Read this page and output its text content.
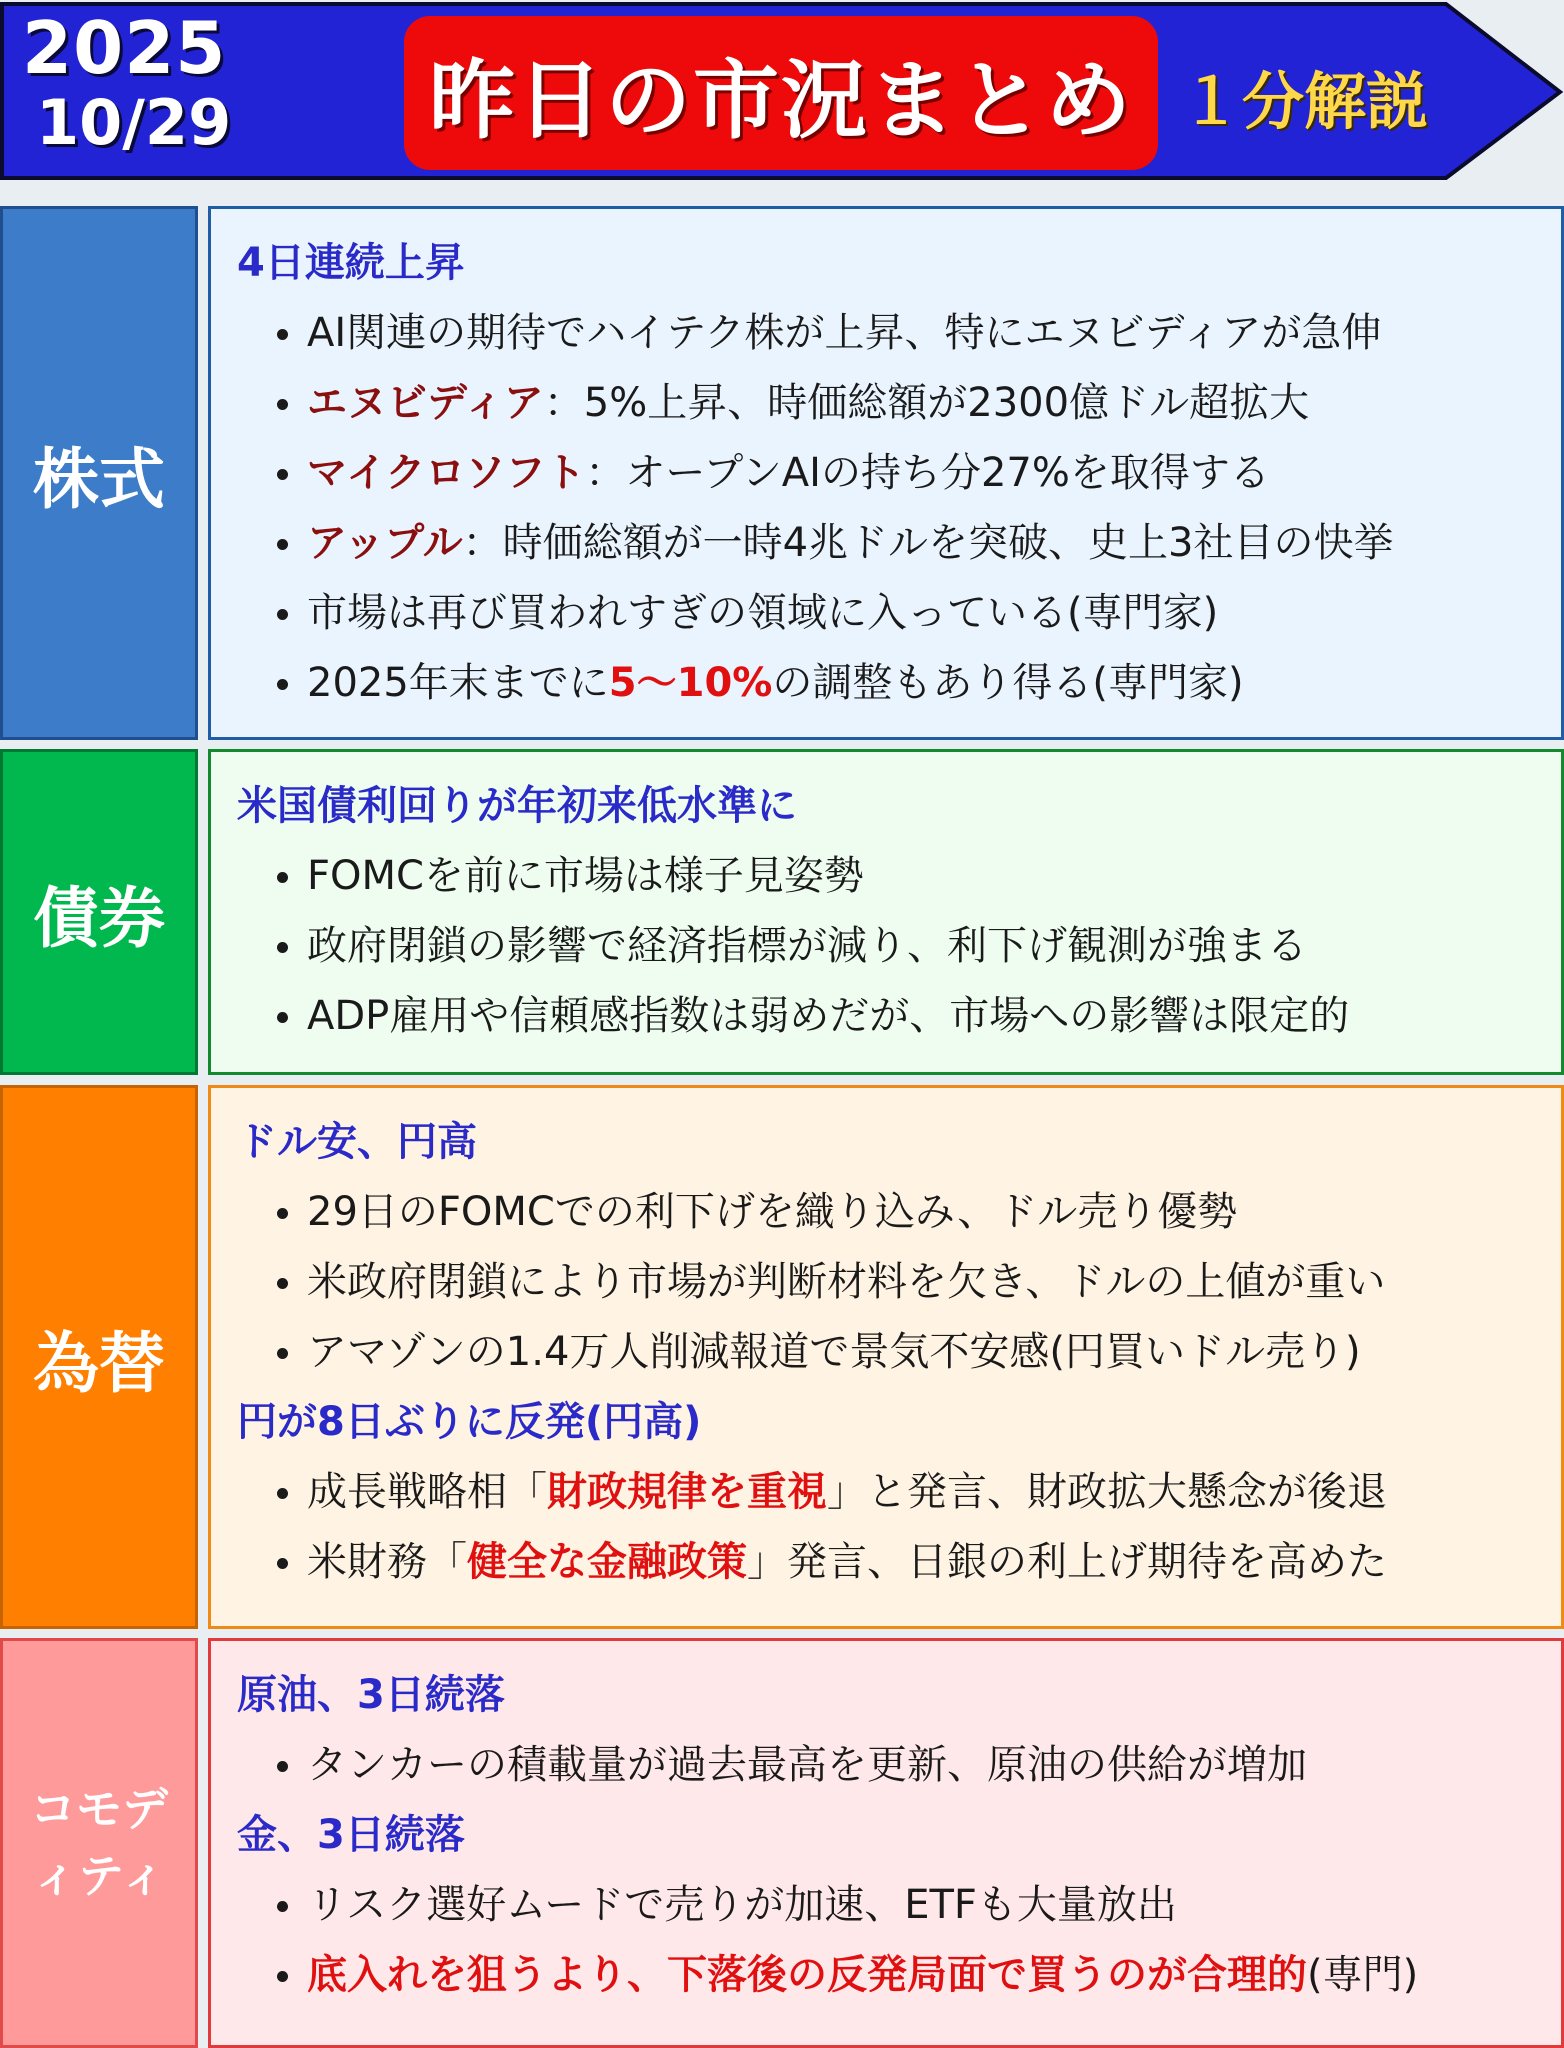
2025
10/29	昨日の市況まとめ １分解説
株式
4日連続上昇
AI関連の期待でハイテク株が上昇、特にエヌビディアが急伸
エヌビディア：5%上昇、時価総額が2300億ドル超拡大
マイクロソフト：オープンAIの持ち分27%を取得する
アップル：時価総額が一時4兆ドルを突破、史上3社目の快挙
市場は再び買われすぎの領域に入っている(専門家)
2025年末までに5〜10%の調整もあり得る(専門家)
債券
米国債利回りが年初来低水準に
FOMCを前に市場は様子見姿勢
政府閉鎖の影響で経済指標が減り、利下げ観測が強まる
ADP雇用や信頼感指数は弱めだが、市場への影響は限定的
為替
ドル安、円高
29日のFOMCでの利下げを織り込み、ドル売り優勢
米政府閉鎖により市場が判断材料を欠き、ドルの上値が重い
アマゾンの1.4万人削減報道で景気不安感(円買いドル売り)
円が8日ぶりに反発(円高)
成長戦略相「財政規律を重視」と発言、財政拡大懸念が後退
米財務「健全な金融政策」発言、日銀の利上げ期待を高めた
コモデ
ィティ
原油、3日続落
タンカーの積載量が過去最高を更新、原油の供給が増加
金、3日続落
リスク選好ムードで売りが加速、ETFも大量放出
底入れを狙うより、下落後の反発局面で買うのが合理的(専門)
